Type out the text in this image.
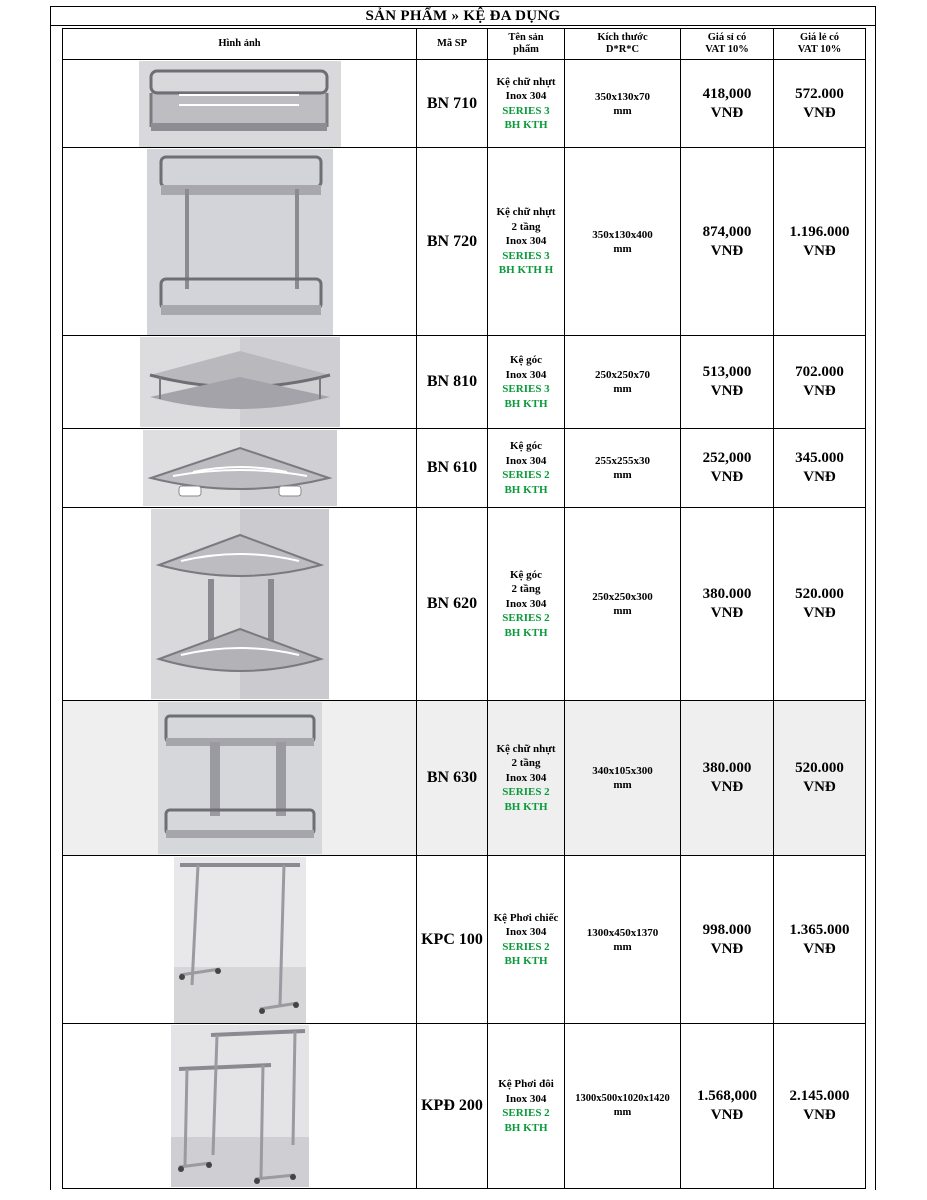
SẢN PHẨM » KỆ ĐA DỤNG
Hình ảnh	Mã SP	Tên sản
phẩm	Kích thước
D*R*C	Giá sỉ có
VAT 10%	Giá lẻ có
VAT 10%

	BN 710	Kệ chữ nhựt
Inox 304
SERIES 3
BH KTH	350x130x70
mm	418,000
VNĐ	572.000
VNĐ

	BN 720	Kệ chữ nhựt
2 tầng
Inox 304
SERIES 3
BH KTH H	350x130x400
mm	874,000
VNĐ	1.196.000
VNĐ

	BN 810	Kệ góc
Inox 304
SERIES 3
BH KTH	250x250x70
mm	513,000
VNĐ	702.000
VNĐ

	BN 610	Kệ góc
Inox 304
SERIES 2
BH KTH	255x255x30
mm	252,000
VNĐ	345.000
VNĐ

	BN 620	Kệ góc
2 tầng
Inox 304
SERIES 2
BH KTH	250x250x300
mm	380.000
VNĐ	520.000
VNĐ

	BN 630	Kệ chữ nhựt
2 tầng
Inox 304
SERIES 2
BH KTH	340x105x300
mm	380.000
VNĐ	520.000
VNĐ

	KPC 100	Kệ Phơi chiếc
Inox 304
SERIES 2
BH KTH	1300x450x1370
mm	998.000
VNĐ	1.365.000
VNĐ

	KPĐ 200	Kệ Phơi đôi
Inox 304
SERIES 2
BH KTH	1300x500x1020x1420
mm	1.568,000
VNĐ	2.145.000
VNĐ
